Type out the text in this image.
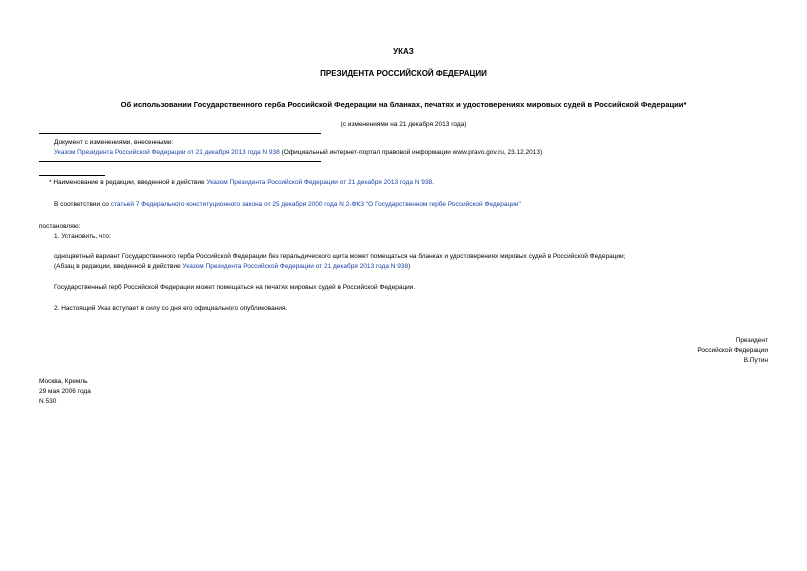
УКАЗ
ПРЕЗИДЕНТА РОССИЙСКОЙ ФЕДЕРАЦИИ
Об использовании Государственного герба Российской Федерации на бланках, печатях и удостоверениях мировых судей в Российской Федерации*
(с изменениями на 21 декабря 2013 года)
Документ с изменениями, внесенными:
Указом Президента Российской Федерации от 21 декабря 2013 года N 938 (Официальный интернет-портал правовой информации www.pravo.gov.ru, 23.12.2013)
* Наименование в редакции, введенной в действие Указом Президента Российской Федерации от 21 декабря 2013 года N 938.
В соответствии со статьей 7 Федерального конституционного закона от 25 декабря 2000 года N 2-ФКЗ "О Государственном гербе Российской Федерации"
постановляю:
1. Установить, что:
одноцветный вариант Государственного герба Российской Федерации без геральдического щита может помещаться на бланках и удостоверениях мировых судей в Российской Федерации;
(Абзац в редакции, введенной в действие Указом Президента Российской Федерации от 21 декабря 2013 года N 938)
Государственный герб Российской Федерации может помещаться на печатях мировых судей в Российской Федерации.
2. Настоящий Указ вступает в силу со дня его официального опубликования.
Президент
Российской Федерации
В.Путин
Москва, Кремль
29 мая 2006 года
N 530
